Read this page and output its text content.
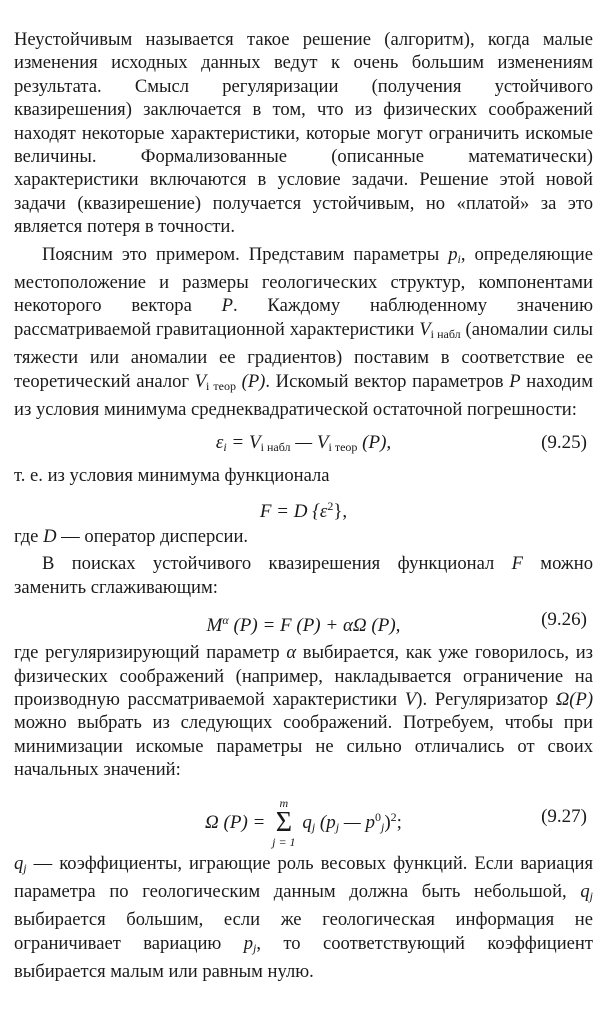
Неустойчивым называется такое решение (алгоритм), когда малые изменения исходных данных ведут к очень большим изменениям результата. Смысл регуляризации (получения устойчивого квазирешения) заключается в том, что из физических соображений находят некоторые характеристики, которые могут ограничить искомые величины. Формализованные (описанные математически) характеристики включаются в условие задачи. Решение этой новой задачи (квазирешение) получается устойчивым, но «платой» за это является потеря в точности.

Поясним это примером. Представим параметры $p_i$, определяющие местоположение и размеры геологических структур, компонентами некоторого вектора P. Каждому наблюденному значению рассматриваемой гравитационной характеристики $V_{i набл}$ (аномалии силы тяжести или аномалии ее градиентов) поставим в соответствие ее теоретический аналог $V_{i теор}$ (P). Искомый вектор параметров P находим из условия минимума среднеквадратической остаточной погрешности:

$\varepsilon_i = V_{i набл}$ — $V_{i теор}$ (P),	(9.25)

т. е. из условия минимума функционала

F = D $\{\varepsilon^2\}$,

где D — оператор дисперсии.

В поисках устойчивого квазирешения функционал F можно заменить сглаживающим:

$M^\alpha$ (P) = F (P) + αΩ (P),	(9.26)

где регуляризирующий параметр α выбирается, как уже говорилось, из физических соображений (например, накладывается ограничение на производную рассматриваемой характеристики V). Регуляризатор Ω(P) можно выбрать из следующих соображений. Потребуем, чтобы при минимизации искомые параметры не сильно отличались от своих начальных значений:

Ω (P) =
m
Σ
j = 1
$q_j$ ($p_j$ — $p^0_j)^2$;	(9.27)

$q_j$ — коэффициенты, играющие роль весовых функций. Если вариация параметра по геологическим данным должна быть небольшой, $q_j$ выбирается большим, если же геологическая информация не ограничивает вариацию $p_j$, то соответствующий коэффициент выбирается малым или равным нулю.
